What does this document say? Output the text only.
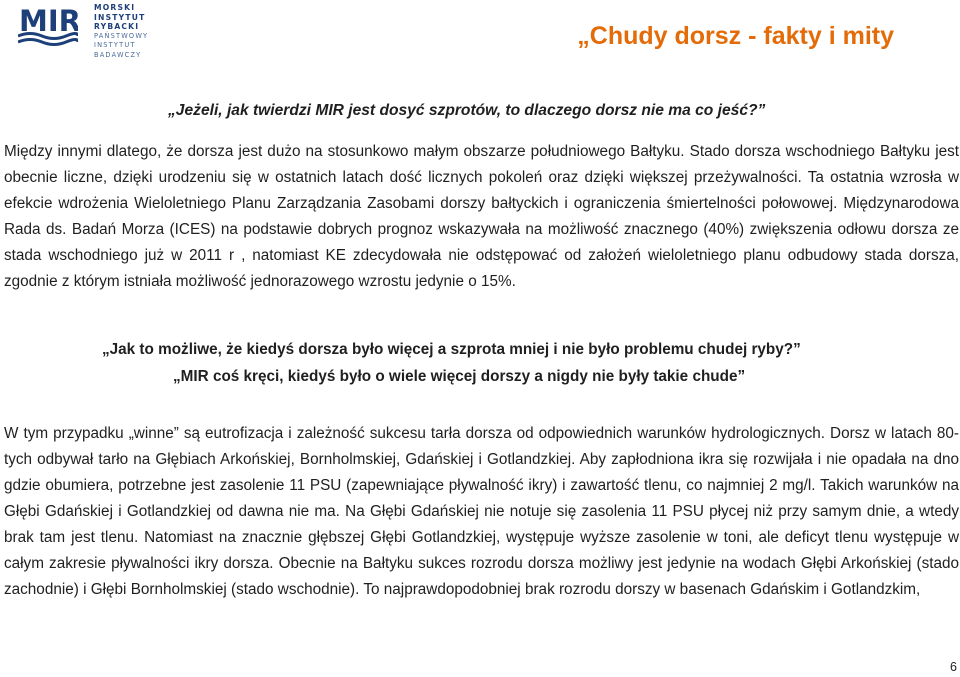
MIR MORSKI
INSTYTUT
RYBACKI
PAŃSTWOWY
INSTYTUT
BADAWCZY
„Chudy dorsz - fakty i mity
„Jeżeli, jak twierdzi MIR jest dosyć szprotów, to dlaczego dorsz nie ma co jeść?”
Między innymi dlatego, że dorsza jest dużo na stosunkowo małym obszarze południowego Bałtyku. Stado dorsza wschodniego Bałtyku jest obecnie liczne, dzięki urodzeniu się w ostatnich latach dość licznych pokoleń oraz dzięki większej przeżywalności. Ta ostatnia wzrosła w efekcie wdrożenia Wieloletniego Planu Zarządzania Zasobami dorszy bałtyckich i ograniczenia śmiertelności połowowej. Międzynarodowa Rada ds. Badań Morza (ICES) na podstawie dobrych prognoz wskazywała na możliwość znacznego (40%) zwiększenia odłowu dorsza ze stada wschodniego już w 2011 r , natomiast KE zdecydowała nie odstępować od założeń wieloletniego planu odbudowy stada dorsza, zgodnie z którym istniała możliwość jednorazowego wzrostu jedynie o 15%.
„Jak to możliwe, że kiedyś dorsza było więcej a szprota mniej i nie było problemu chudej ryby?”
„MIR coś kręci, kiedyś było o wiele więcej dorszy a nigdy nie były takie chude”
W tym przypadku „winne” są eutrofizacja i zależność sukcesu tarła dorsza od odpowiednich warunków hydrologicznych. Dorsz w latach 80-tych odbywał tarło na Głębiach Arkońskiej, Bornholmskiej, Gdańskiej i Gotlandzkiej. Aby zapłodniona ikra się rozwijała i nie opadała na dno gdzie obumiera, potrzebne jest zasolenie 11 PSU (zapewniające pływalność ikry) i zawartość tlenu, co najmniej 2 mg/l. Takich warunków na Głębi Gdańskiej i Gotlandzkiej od dawna nie ma. Na Głębi Gdańskiej nie notuje się zasolenia 11 PSU płycej niż przy samym dnie, a wtedy brak tam jest tlenu. Natomiast na znacznie głębszej Głębi Gotlandzkiej, występuje wyższe zasolenie w toni, ale deficyt tlenu występuje w całym zakresie pływalności ikry dorsza. Obecnie na Bałtyku sukces rozrodu dorsza możliwy jest jedynie na wodach Głębi Arkońskiej (stado zachodnie) i Głębi Bornholmskiej (stado wschodnie). To najprawdopodobniej brak rozrodu dorszy w basenach Gdańskim i Gotlandzkim,
6
